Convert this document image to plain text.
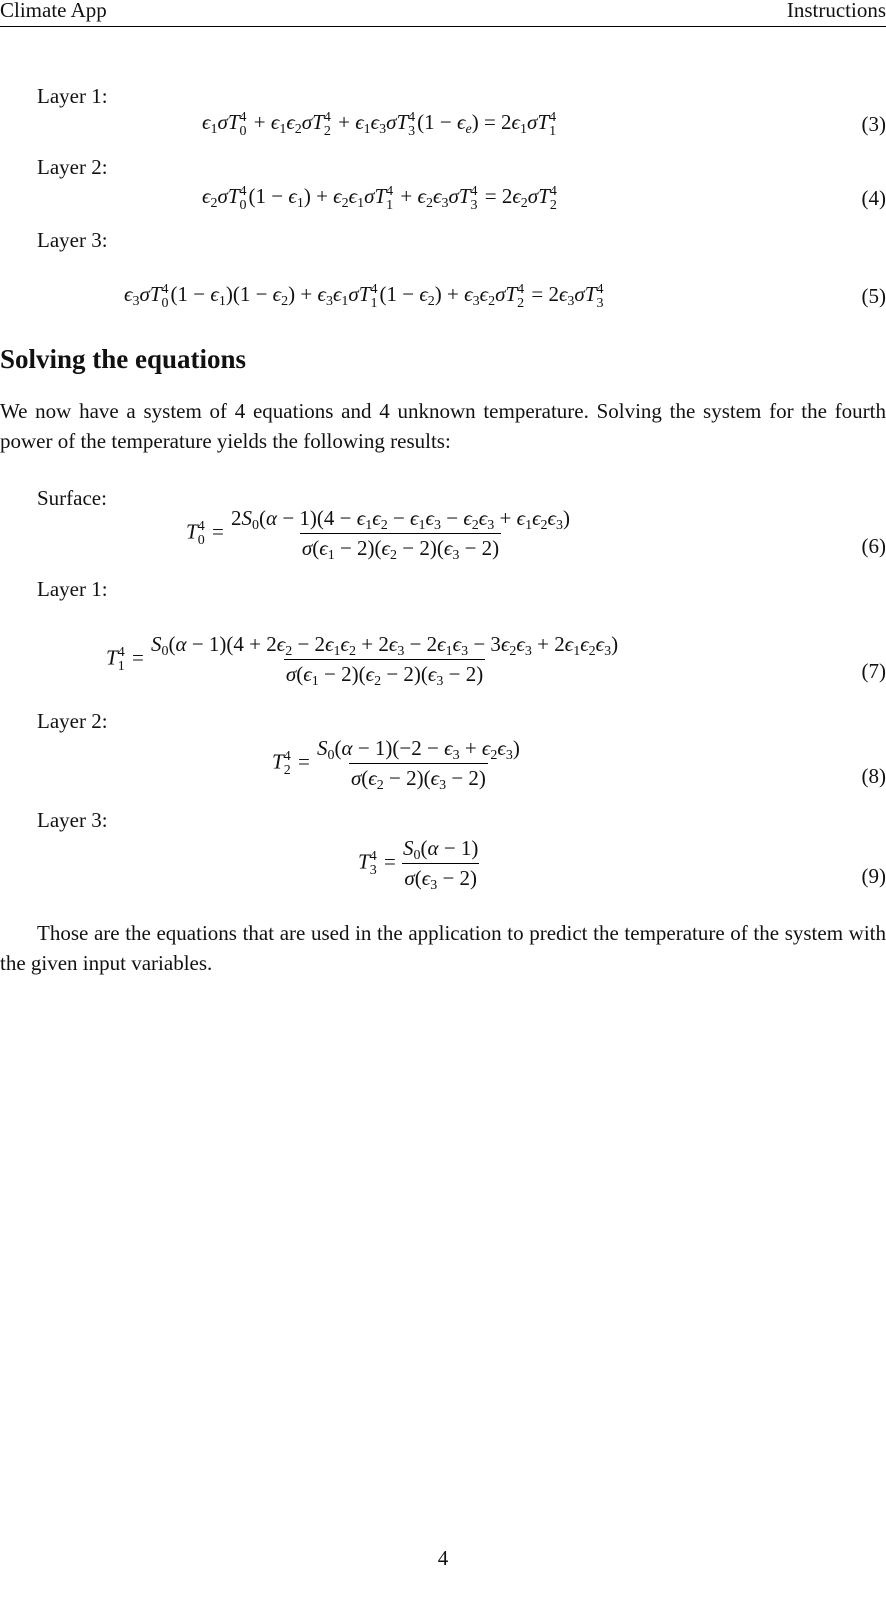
Climate App	Instructions
Layer 1:
$\epsilon_1\sigma T$ 4
$0 + \epsilon_1\epsilon_2\sigma T$ 4
$2 + \epsilon_1\epsilon_3\sigma T$ 4
3 $(1 - \epsilon_e) = 2\epsilon_1\sigma T$ 4
1	(3)
Layer 2:
$\epsilon_2\sigma T$ 4
0 $(1 - \epsilon_1) + \epsilon_2\epsilon_1\sigma T$ 4
$1 + \epsilon_2\epsilon_3\sigma T$ 4
$3 = 2\epsilon_2\sigma T$ 4
2	(4)
Layer 3:
$\epsilon_3\sigma T$ 4
0 $(1 - \epsilon_1)(1 - \epsilon_2) + \epsilon_3\epsilon_1\sigma T$ 4
1 $(1 - \epsilon_2) + \epsilon_3\epsilon_2\sigma T$ 4
$2 = 2\epsilon_3\sigma T$ 4
3	(5)
Solving the equations
We now have a system of 4 equations and 4 unknown temperature. Solving the system for the fourth power of the temperature yields the following results:
Surface:
T 4
$0 = \frac{2S_0(\alpha - 1)(4 - \epsilon_1\epsilon_2 - \epsilon_1\epsilon_3 - \epsilon_2\epsilon_3 + \epsilon_1\epsilon_2\epsilon_3)}{\sigma(\epsilon_1 - 2)(\epsilon_2 - 2)(\epsilon_3 - 2)}$	(6)
Layer 1:
T 4
$1 = \frac{S_0(\alpha - 1)(4 + 2\epsilon_2 - 2\epsilon_1\epsilon_2 + 2\epsilon_3 - 2\epsilon_1\epsilon_3 - 3\epsilon_2\epsilon_3 + 2\epsilon_1\epsilon_2\epsilon_3)}{\sigma(\epsilon_1 - 2)(\epsilon_2 - 2)(\epsilon_3 - 2)}$	(7)
Layer 2:
T 4
$2 = \frac{S_0(\alpha - 1)(-2 - \epsilon_3 + \epsilon_2\epsilon_3)}{\sigma(\epsilon_2 - 2)(\epsilon_3 - 2)}$	(8)
Layer 3:
T 4
$3 = \frac{S_0(\alpha - 1)}{\sigma(\epsilon_3 - 2)}$	(9)
Those are the equations that are used in the application to predict the temperature of the system with the given input variables.
4
